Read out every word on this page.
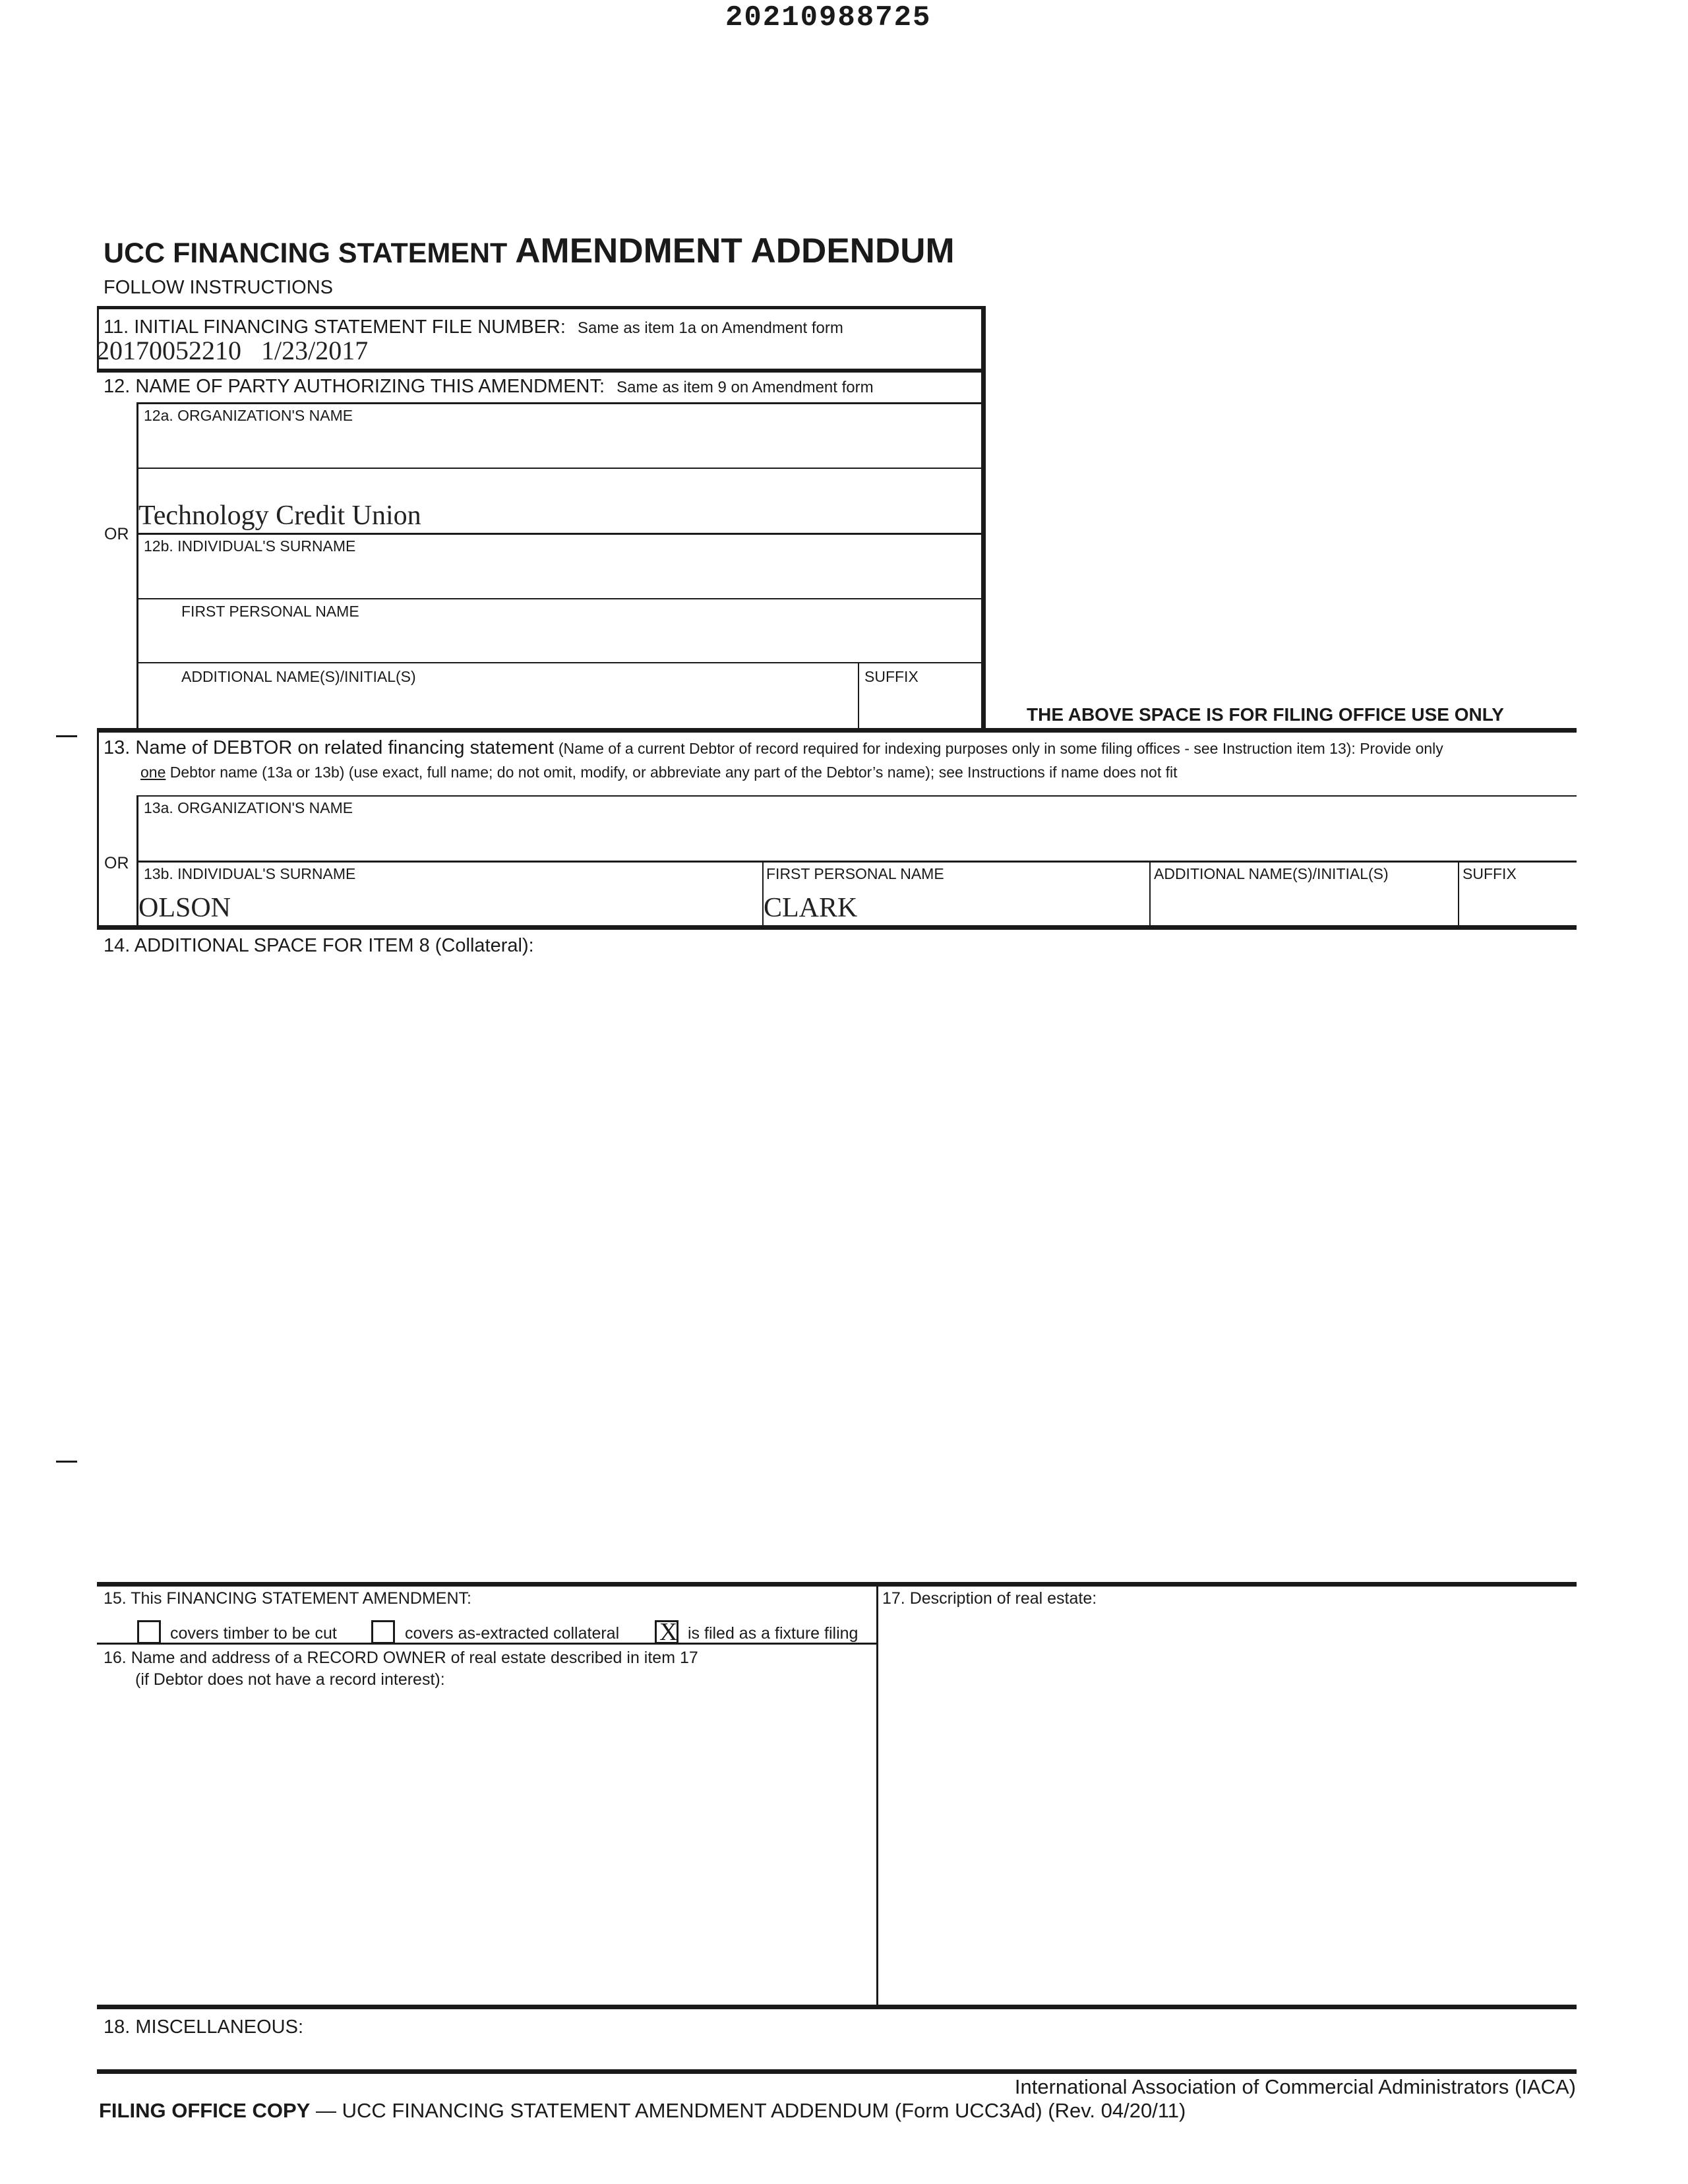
20210988725
UCC FINANCING STATEMENT AMENDMENT ADDENDUM
FOLLOW INSTRUCTIONS
11. INITIAL FINANCING STATEMENT FILE NUMBER: Same as item 1a on Amendment form
20170052210   1/23/2017
12. NAME OF PARTY AUTHORIZING THIS AMENDMENT: Same as item 9 on Amendment form
12a. ORGANIZATION'S NAME
Technology Credit Union
OR
12b. INDIVIDUAL'S SURNAME
FIRST PERSONAL NAME
ADDITIONAL NAME(S)/INITIAL(S)	SUFFIX
THE ABOVE SPACE IS FOR FILING OFFICE USE ONLY
13. Name of DEBTOR on related financing statement (Name of a current Debtor of record required for indexing purposes only in some filing offices - see Instruction item 13): Provide only
one Debtor name (13a or 13b) (use exact, full name; do not omit, modify, or abbreviate any part of the Debtor’s name); see Instructions if name does not fit
13a. ORGANIZATION'S NAME
OR
13b. INDIVIDUAL'S SURNAME
OLSON
FIRST PERSONAL NAME
CLARK
ADDITIONAL NAME(S)/INITIAL(S)	SUFFIX
14. ADDITIONAL SPACE FOR ITEM 8 (Collateral):
15. This FINANCING STATEMENT AMENDMENT:
covers timber to be cut	covers as-extracted collateral X is filed as a fixture filing
16. Name and address of a RECORD OWNER of real estate described in item 17
(if Debtor does not have a record interest):
17. Description of real estate:
18. MISCELLANEOUS:
International Association of Commercial Administrators (IACA)
FILING OFFICE COPY — UCC FINANCING STATEMENT AMENDMENT ADDENDUM (Form UCC3Ad) (Rev. 04/20/11)
